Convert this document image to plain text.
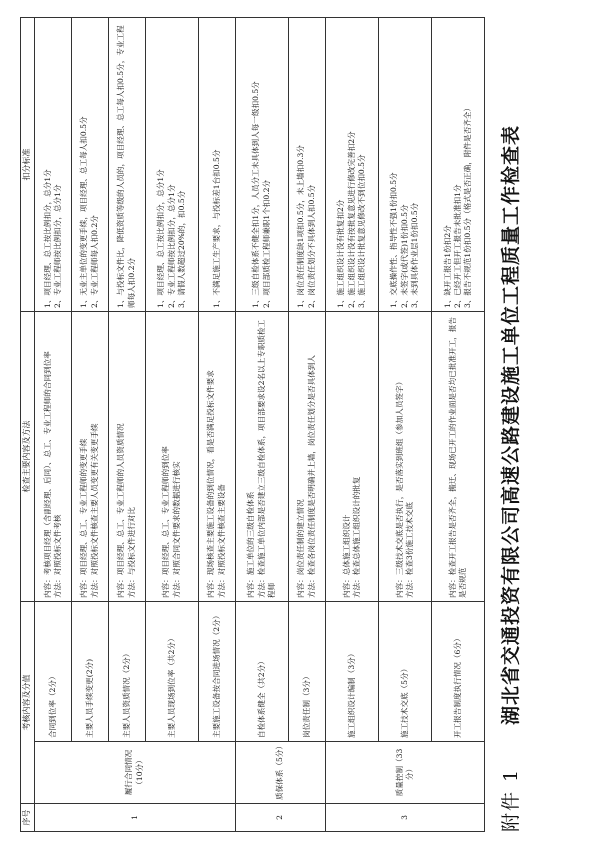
附件 1
湖北省交通投资有限公司高速公路建设施工单位工程质量工作检查表
序号	考核内容及分值		检查主要内容及方法	扣分标准
1	履行合同情况（10分）	合同到位率（2分）	内容：考核项目经理（含副经理、后同）、总工、专业工程师的合同到位率 方法：对照投标文件考核	1、项目经理、总工按比例扣分，总分1分 2、专业工程师按比例扣分，总分1分

		主要人员手续变更(2分)	内容：项目经理、总工、专业工程师的变更手续 方法：对照投标文件核查主要人员变更有关变更手续	1、无业主单位的变更手续，项目经理、总工每人扣0.5分 2、专业工程师每人扣0.2分

		主要人员资质情况（2分）	内容：项目经理、总工、专业工程师的人员资质情况 方法：与投标文件进行对比	1、与投标文件比，降低资质等级的人员的，项目经理、总工每人扣0.5分，专业工程师每人扣0.2分

		主要人员现场到位率（共2分）	内容：项目经理、总工、专业工程师的到位率 方法：对照合同文件要求的数据进行核实	1、项目经理、总工按比例扣分，总分1分 2、专业工程师按比例扣分，总分1分 3、请假人数超过20%的，扣0.5分

		主要施工设备按合同进场情况（2分）	内容：现场核查主要施工设备的到位情况，看是否满足投标文件要求 方法：对照投标文件核查主要设备	1、不满足施工生产要求，与投标差1台扣0.5分

2	质保体系（5分）	自检体系健全（共2分）	内容：施工单位的三级自检体系 方法：检查施工单位内部是否建立三级自检体系，项目部要求设2名以上专职质检工程师	1、三级自检体系不健全扣1分，人员分工未具体到人每一级扣0.5分 2、项目部质检工程师兼职1个扣0.2分

		岗位责任制（3分）	内容：岗位责任制的建立情况 方法：检查各岗位责任制度是否明确并上墙，岗位责任划分是否具体到人	1、岗位责任制度缺1项扣0.5分，未上墙扣0.3分 2、岗位责任划分不具体到人扣0.5分

3	质量控制（33分）	施工组织设计编制（3分）	内容：总体施工组织设计 方法：检查总体施工组织设计的批复	1、施工组织设计没有批复扣2分 2、施工组织设计没有按批复意见进行修改完善扣2分 3、施工组织设计批复意见修改不到位扣0.5分

		施工技术交底（5分）	内容：三级技术交底是否执行，是否落实到班组（参加人员签字） 方法：检查3份施工技术交底	1、交底操作性、指导性不强1份扣0.5分 2、未签字(或代签)1份扣0.5分 3、未到具体作业层1份扣0.5分

		开工报告制度执行情况（6分）	内容：检查开工报告是否齐全，搬迁、现场已开工的作业面是否均已批准开工，报告是否规范	1、缺开工报告1份扣2分 2、已经开工但开工报告未批准扣1分 3、报告不规范1份扣0.5分（格式是否正确，附件是否齐全）
